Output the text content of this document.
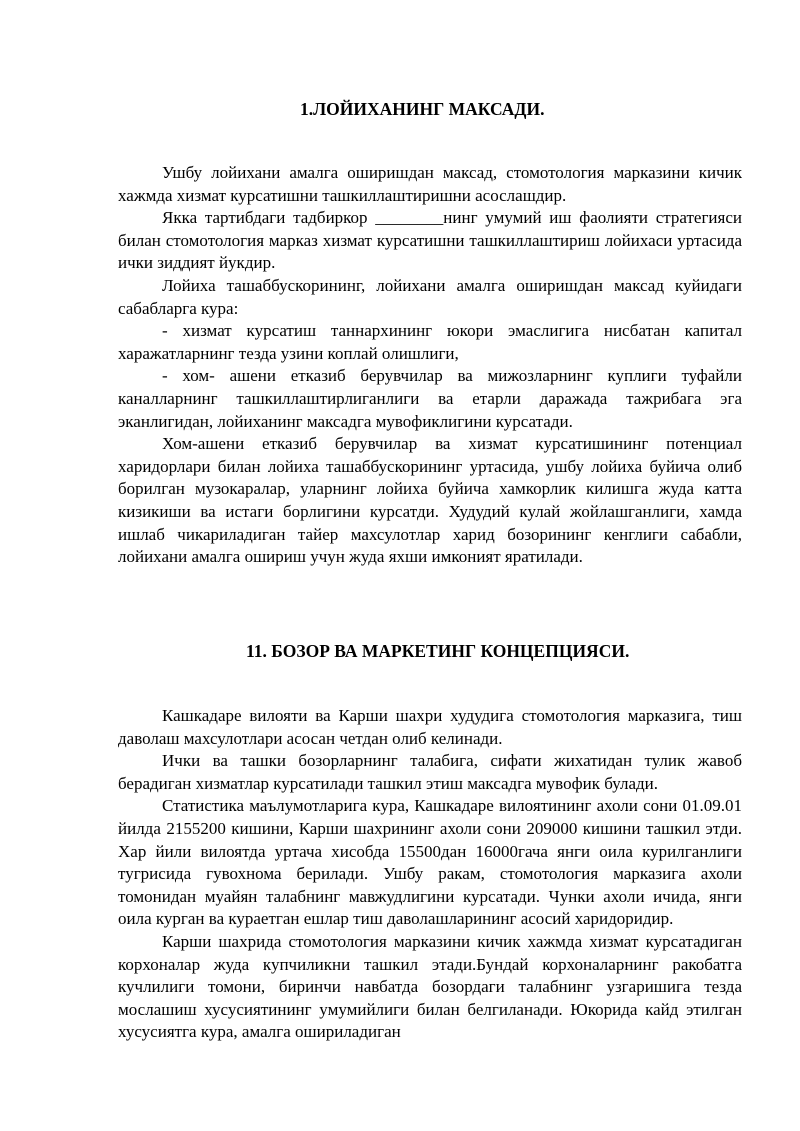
1.ЛОЙИХАНИНГ МАКСАДИ.

Ушбу лойихани амалга оширишдан максад, стомотология марказини кичик хажмда хизмат курсатишни ташкиллаштиришни асослашдир.

Якка тартибдаги тадбиркор ________нинг умумий иш фаолияти стратегияси билан стомотология марказ хизмат курсатишни ташкиллаштириш лойихаси уртасида ички зиддият йукдир.

Лойиха ташаббускорининг, лойихани амалга оширишдан максад куйидаги сабабларга кура:

- хизмат курсатиш таннархининг юкори эмаслигига нисбатан капитал харажатларнинг тезда узини коплай олишлиги,

- хом- ашени етказиб берувчилар ва мижозларнинг куплиги туфайли каналларнинг ташкиллаштирлиганлиги ва етарли даражада тажрибага эга эканлигидан, лойиханинг максадга мувофиклигини курсатади.

Хом-ашени етказиб берувчилар ва хизмат курсатишининг потенциал харидорлари билан лойиха ташаббускорининг уртасида, ушбу лойиха буйича олиб борилган музокаралар, уларнинг лойиха буйича хамкорлик килишга жуда катта кизикиши ва истаги борлигини курсатди. Худудий кулай жойлашганлиги, хамда ишлаб чикариладиган тайер махсулотлар харид бозорининг кенглиги сабабли, лойихани амалга ошириш учун жуда яхши имконият яратилади.

11. БОЗОР ВА МАРКЕТИНГ КОНЦЕПЦИЯСИ.

Кашкадаре вилояти ва Карши шахри худудига стомотология марказига, тиш даволаш махсулотлари асосан четдан олиб келинади.

Ички ва ташки бозорларнинг талабига, сифати жихатидан тулик жавоб берадиган хизматлар курсатилади ташкил этиш максадга мувофик булади.

Статистика маълумотларига кура, Кашкадаре вилоятининг ахоли сони 01.09.01 йилда 2155200 кишини, Карши шахрининг ахоли сони 209000 кишини ташкил этди. Хар йили вилоятда уртача хисобда 15500дан 16000гача янги оила курилганлиги тугрисида гувохнома берилади. Ушбу ракам, стомотология марказига ахоли томонидан муайян талабнинг мавжудлигини курсатади. Чунки ахоли ичида, янги оила курган ва кураетган ешлар тиш даволашларининг асосий харидоридир.

Карши шахрида стомотология марказини кичик хажмда хизмат курсатадиган корхоналар жуда купчиликни ташкил этади.Бундай корхоналарнинг ракобатга кучлилиги томони, биринчи навбатда бозордаги талабнинг узгаришига тезда мослашиш хусусиятининг умумийлиги билан белгиланади. Юкорида кайд этилган хусусиятга кура, амалга ошириладиган
